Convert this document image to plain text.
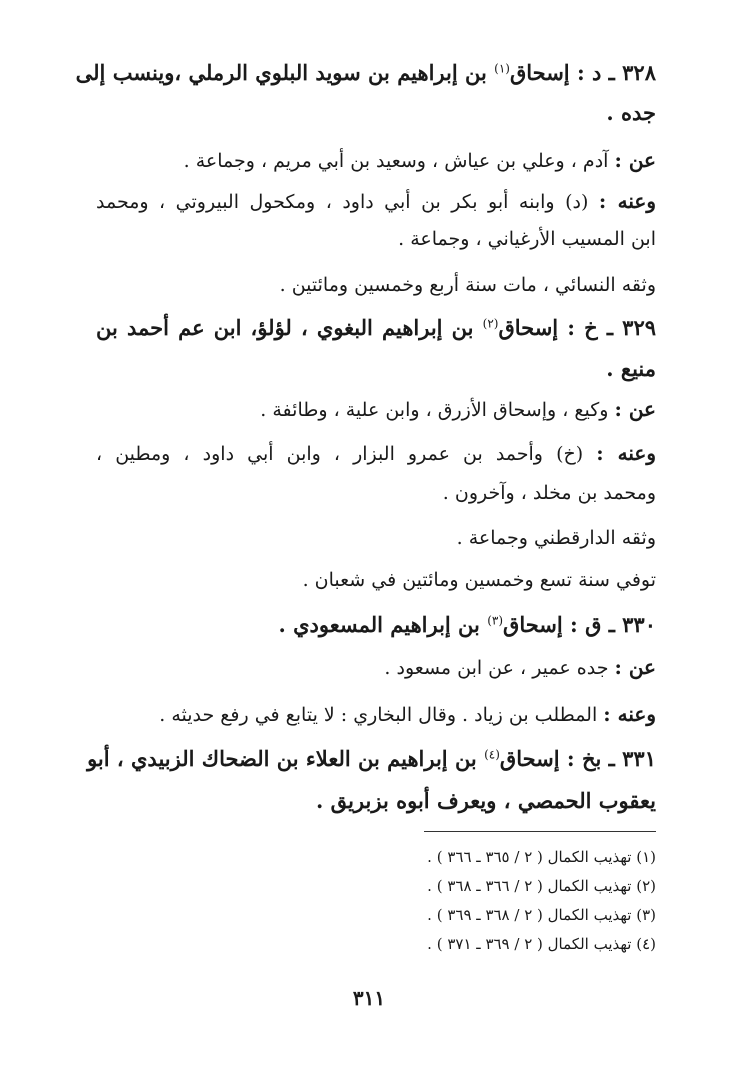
٣٢٨ ـ د : إسحاق$^{(١)}$ بن إبراهيم بن سويد البلوي الرملي ،وينسب إلى
جده .
عن : آدم ، وعلي بن عياش ، وسعيد بن أبي مريم ، وجماعة .
وعنه : (د) وابنه أبو بكر بن أبي داود ، ومكحول البيروتي ، ومحمد
ابن المسيب الأرغياني ، وجماعة .
وثقه النسائي ، مات سنة أربع وخمسين ومائتين .
٣٢٩ ـ خ : إسحاق$^{(٢)}$ بن إبراهيم البغوي ، لؤلؤ، ابن عم أحمد بن
منيع .
عن : وكيع ، وإسحاق الأزرق ، وابن علية ، وطائفة .
وعنه : (خ) وأحمد بن عمرو البزار ، وابن أبي داود ، ومطين ،
ومحمد بن مخلد ، وآخرون .
وثقه الدارقطني وجماعة .
توفي سنة تسع وخمسين ومائتين في شعبان .
٣٣٠ ـ ق : إسحاق$^{(٣)}$ بن إبراهيم المسعودي .
عن : جده عمير ، عن ابن مسعود .
وعنه : المطلب بن زياد . وقال البخاري : لا يتابع في رفع حديثه .
٣٣١ ـ بخ : إسحاق$^{(٤)}$ بن إبراهيم بن العلاء بن الضحاك الزبيدي ، أبو
يعقوب الحمصي ، ويعرف أبوه بزبريق .
(١) تهذيب الكمال ( ٢ / ٣٦٥ ـ ٣٦٦ ) .
(٢) تهذيب الكمال ( ٢ / ٣٦٦ ـ ٣٦٨ ) .
(٣) تهذيب الكمال ( ٢ / ٣٦٨ ـ ٣٦٩ ) .
(٤) تهذيب الكمال ( ٢ / ٣٦٩ ـ ٣٧١ ) .
٣١١
